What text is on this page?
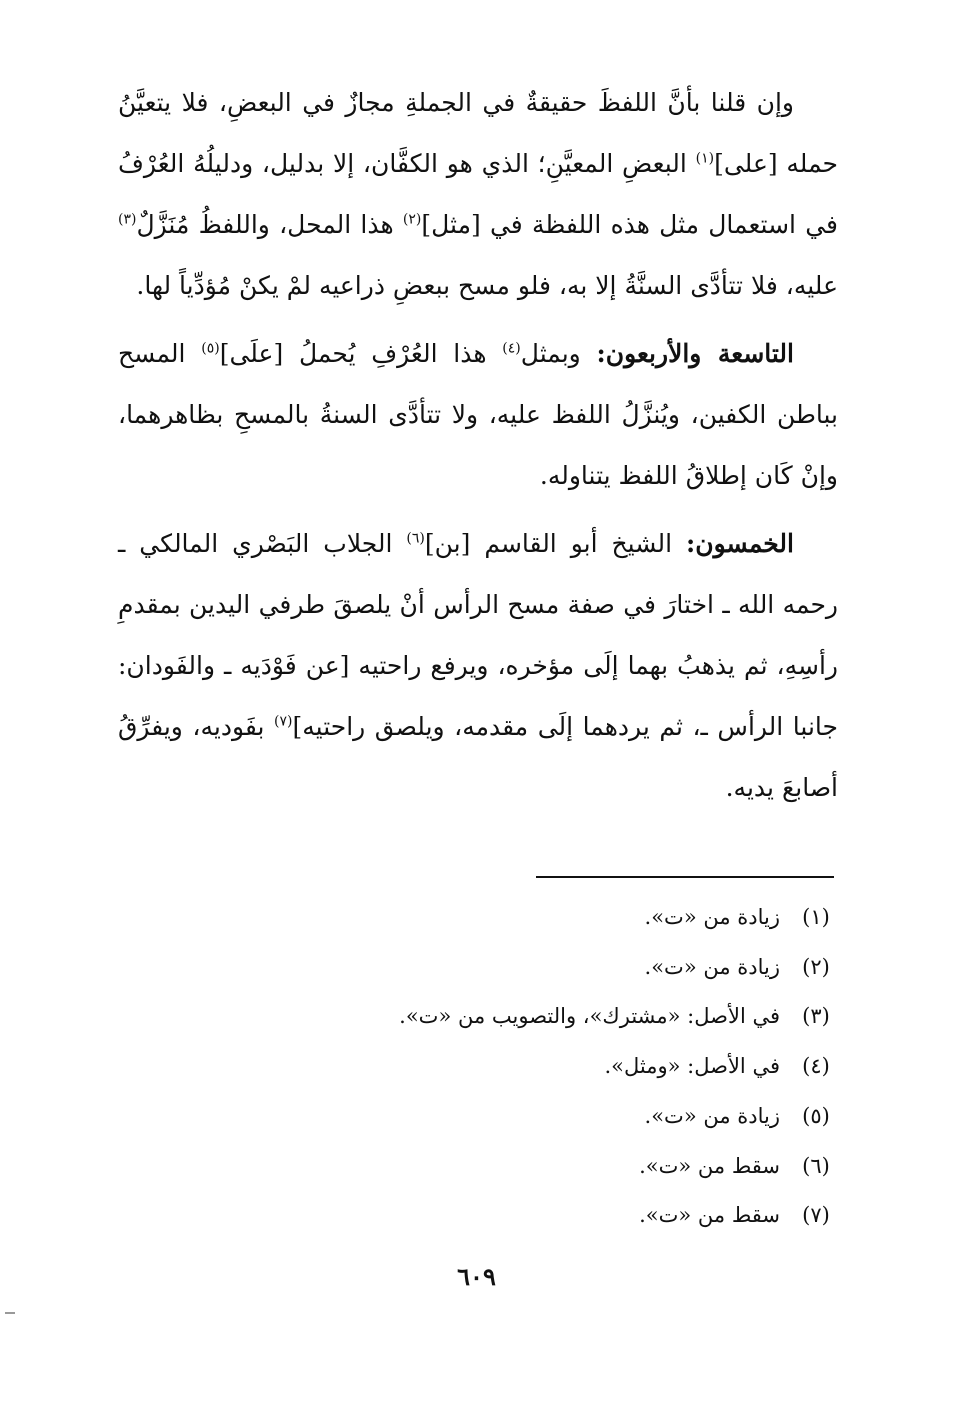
وإن قلنا بأنَّ اللفظَ حقيقةٌ في الجملةِ مجازٌ في البعضِ، فلا يتعيَّنُ حمله [على]$^{(١)}$ البعضِ المعيَّنِ؛ الذي هو الكفَّان، إلا بدليل، ودليلُهُ العُرْفُ في استعمال مثل هذه اللفظة في [مثل]$^{(٢)}$ هذا المحل، واللفظُ مُنَزَّلٌ$^{(٣)}$ عليه، فلا تتأدَّى السنَّةُ إلا به، فلو مسح ببعضِ ذراعيه لمْ يكنْ مُؤدِّياً لها.

التاسعة والأربعون: وبمثل$^{(٤)}$ هذا العُرْفِ يُحملُ [علَى]$^{(٥)}$ المسح بباطن الكفين، ويُنزَّلُ اللفظ عليه، ولا تتأدَّى السنةُ بالمسحِ بظاهرهما، وإنْ كَان إطلاقُ اللفظ يتناوله.

الخمسون: الشيخ أبو القاسم [بن]$^{(٦)}$ الجلاب البَصْري المالكي ـ رحمه الله ـ اختارَ في صفة مسح الرأس أنْ يلصقَ طرفي اليدين بمقدمِ رأسِهِ، ثم يذهبُ بهما إلَى مؤخره، ويرفع راحتيه [عن فَوْدَيه ـ والفَودان: جانبا الرأس ـ، ثم يردهما إلَى مقدمه، ويلصق راحتيه]$^{(٧)}$ بفَوديه، ويفرِّقُ أصابعَ يديه.

(١)
زيادة من «ت».
(٢)
زيادة من «ت».
(٣)
في الأصل: «مشترك»، والتصويب من «ت».
(٤)
في الأصل: «ومثل».
(٥)
زيادة من «ت».
(٦)
سقط من «ت».
(٧)
سقط من «ت».
٦٠٩
